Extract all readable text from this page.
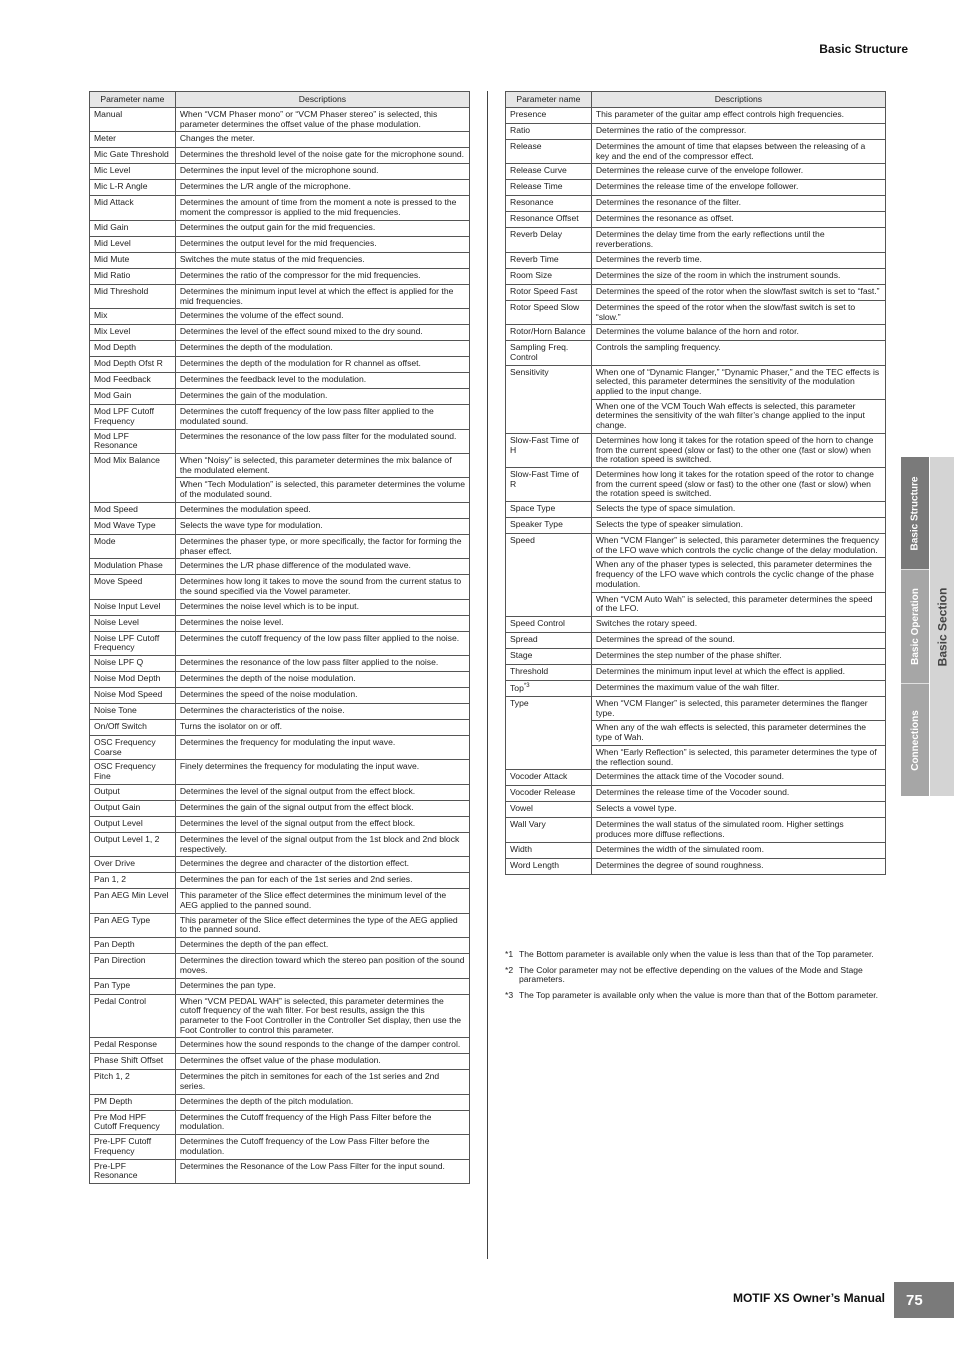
Basic Structure
Parameter name	Descriptions
Manual	When “VCM Phaser mono” or “VCM Phaser stereo” is selected, this parameter determines the offset value of the phase modulation.
Meter	Changes the meter.
Mic Gate Threshold	Determines the threshold level of the noise gate for the microphone sound.
Mic Level	Determines the input level of the microphone sound.
Mic L-R Angle	Determines the L/R angle of the microphone.
Mid Attack	Determines the amount of time from the moment a note is pressed to the moment the compressor is applied to the mid frequencies.
Mid Gain	Determines the output gain for the mid frequencies.
Mid Level	Determines the output level for the mid frequencies.
Mid Mute	Switches the mute status of the mid frequencies.
Mid Ratio	Determines the ratio of the compressor for the mid frequencies.
Mid Threshold	Determines the minimum input level at which the effect is applied for the mid frequencies.
Mix	Determines the volume of the effect sound.
Mix Level	Determines the level of the effect sound mixed to the dry sound.
Mod Depth	Determines the depth of the modulation.
Mod Depth Ofst R	Determines the depth of the modulation for R channel as offset.
Mod Feedback	Determines the feedback level to the modulation.
Mod Gain	Determines the gain of the modulation.
Mod LPF Cutoff Frequency	Determines the cutoff frequency of the low pass filter applied to the modulated sound.
Mod LPF Resonance	Determines the resonance of the low pass filter for the modulated sound.
Mod Mix Balance	When “Noisy” is selected, this parameter determines the mix balance of the modulated element.
	When “Tech Modulation” is selected, this parameter determines the volume of the modulated sound.
Mod Speed	Determines the modulation speed.
Mod Wave Type	Selects the wave type for modulation.
Mode	Determines the phaser type, or more specifically, the factor for forming the phaser effect.
Modulation Phase	Determines the L/R phase difference of the modulated wave.
Move Speed	Determines how long it takes to move the sound from the current status to the sound specified via the Vowel parameter.
Noise Input Level	Determines the noise level which is to be input.
Noise Level	Determines the noise level.
Noise LPF Cutoff Frequency	Determines the cutoff frequency of the low pass filter applied to the noise.
Noise LPF Q	Determines the resonance of the low pass filter applied to the noise.
Noise Mod Depth	Determines the depth of the noise modulation.
Noise Mod Speed	Determines the speed of the noise modulation.
Noise Tone	Determines the characteristics of the noise.
On/Off Switch	Turns the isolator on or off.
OSC Frequency Coarse	Determines the frequency for modulating the input wave.
OSC Frequency Fine	Finely determines the frequency for modulating the input wave.
Output	Determines the level of the signal output from the effect block.
Output Gain	Determines the gain of the signal output from the effect block.
Output Level	Determines the level of the signal output from the effect block.
Output Level 1, 2	Determines the level of the signal output from the 1st block and 2nd block respectively.
Over Drive	Determines the degree and character of the distortion effect.
Pan 1, 2	Determines the pan for each of the 1st series and 2nd series.
Pan AEG Min Level	This parameter of the Slice effect determines the minimum level of the AEG applied to the panned sound.
Pan AEG Type	This parameter of the Slice effect determines the type of the AEG applied to the panned sound.
Pan Depth	Determines the depth of the pan effect.
Pan Direction	Determines the direction toward which the stereo pan position of the sound moves.
Pan Type	Determines the pan type.
Pedal Control	When “VCM PEDAL WAH” is selected, this parameter determines the cutoff frequency of the wah filter. For best results, assign the this parameter to the Foot Controller in the Controller Set display, then use the Foot Controller to control this parameter.
Pedal Response	Determines how the sound responds to the change of the damper control.
Phase Shift Offset	Determines the offset value of the phase modulation.
Pitch 1, 2	Determines the pitch in semitones for each of the 1st series and 2nd series.
PM Depth	Determines the depth of the pitch modulation.
Pre Mod HPF Cutoff Frequency	Determines the Cutoff frequency of the High Pass Filter before the modulation.
Pre-LPF Cutoff Frequency	Determines the Cutoff frequency of the Low Pass Filter before the modulation.
Pre-LPF Resonance	Determines the Resonance of the Low Pass Filter for the input sound.
Parameter name	Descriptions
Presence	This parameter of the guitar amp effect controls high frequencies.
Ratio	Determines the ratio of the compressor.
Release	Determines the amount of time that elapses between the releasing of a key and the end of the compressor effect.
Release Curve	Determines the release curve of the envelope follower.
Release Time	Determines the release time of the envelope follower.
Resonance	Determines the resonance of the filter.
Resonance Offset	Determines the resonance as offset.
Reverb Delay	Determines the delay time from the early reflections until the reverberations.
Reverb Time	Determines the reverb time.
Room Size	Determines the size of the room in which the instrument sounds.
Rotor Speed Fast	Determines the speed of the rotor when the slow/fast switch is set to “fast.”
Rotor Speed Slow	Determines the speed of the rotor when the slow/fast switch is set to “slow.”
Rotor/Horn Balance	Determines the volume balance of the horn and rotor.
Sampling Freq. Control	Controls the sampling frequency.
Sensitivity	When one of “Dynamic Flanger,” “Dynamic Phaser,” and the TEC effects is selected, this parameter determines the sensitivity of the modulation applied to the input change.
	When one of the VCM Touch Wah effects is selected, this parameter determines the sensitivity of the wah filter’s change applied to the input change.
Slow-Fast Time of H	Determines how long it takes for the rotation speed of the horn to change from the current speed (slow or fast) to the other one (fast or slow) when the rotation speed is switched.
Slow-Fast Time of R	Determines how long it takes for the rotation speed of the rotor to change from the current speed (slow or fast) to the other one (fast or slow) when the rotation speed is switched.
Space Type	Selects the type of space simulation.
Speaker Type	Selects the type of speaker simulation.
Speed	When “VCM Flanger” is selected, this parameter determines the frequency of the LFO wave which controls the cyclic change of the delay modulation.
	When any of the phaser types is selected, this parameter determines the frequency of the LFO wave which controls the cyclic change of the phase modulation.
	When “VCM Auto Wah” is selected, this parameter determines the speed of the LFO.
Speed Control	Switches the rotary speed.
Spread	Determines the spread of the sound.
Stage	Determines the step number of the phase shifter.
Threshold	Determines the minimum input level at which the effect is applied.
Top$^{*3}$	Determines the maximum value of the wah filter.
Type	When “VCM Flanger” is selected, this parameter determines the flanger type.
	When any of the wah effects is selected, this parameter determines the type of Wah.
	When “Early Reflection” is selected, this parameter determines the type of the reflection sound.
Vocoder Attack	Determines the attack time of the Vocoder sound.
Vocoder Release	Determines the release time of the Vocoder sound.
Vowel	Selects a vowel type.
Wall Vary	Determines the wall status of the simulated room. Higher settings produces more diffuse reflections.
Width	Determines the width of the simulated room.
Word Length	Determines the degree of sound roughness.
*1 The Bottom parameter is available only when the value is less than that of the Top parameter.
*2 The Color parameter may not be effective depending on the values of the Mode and Stage parameters.
*3 The Top parameter is available only when the value is more than that of the Bottom parameter.
Basic Structure
Basic Operation
Connections
Basic Section
MOTIF XS Owner’s Manual	75
